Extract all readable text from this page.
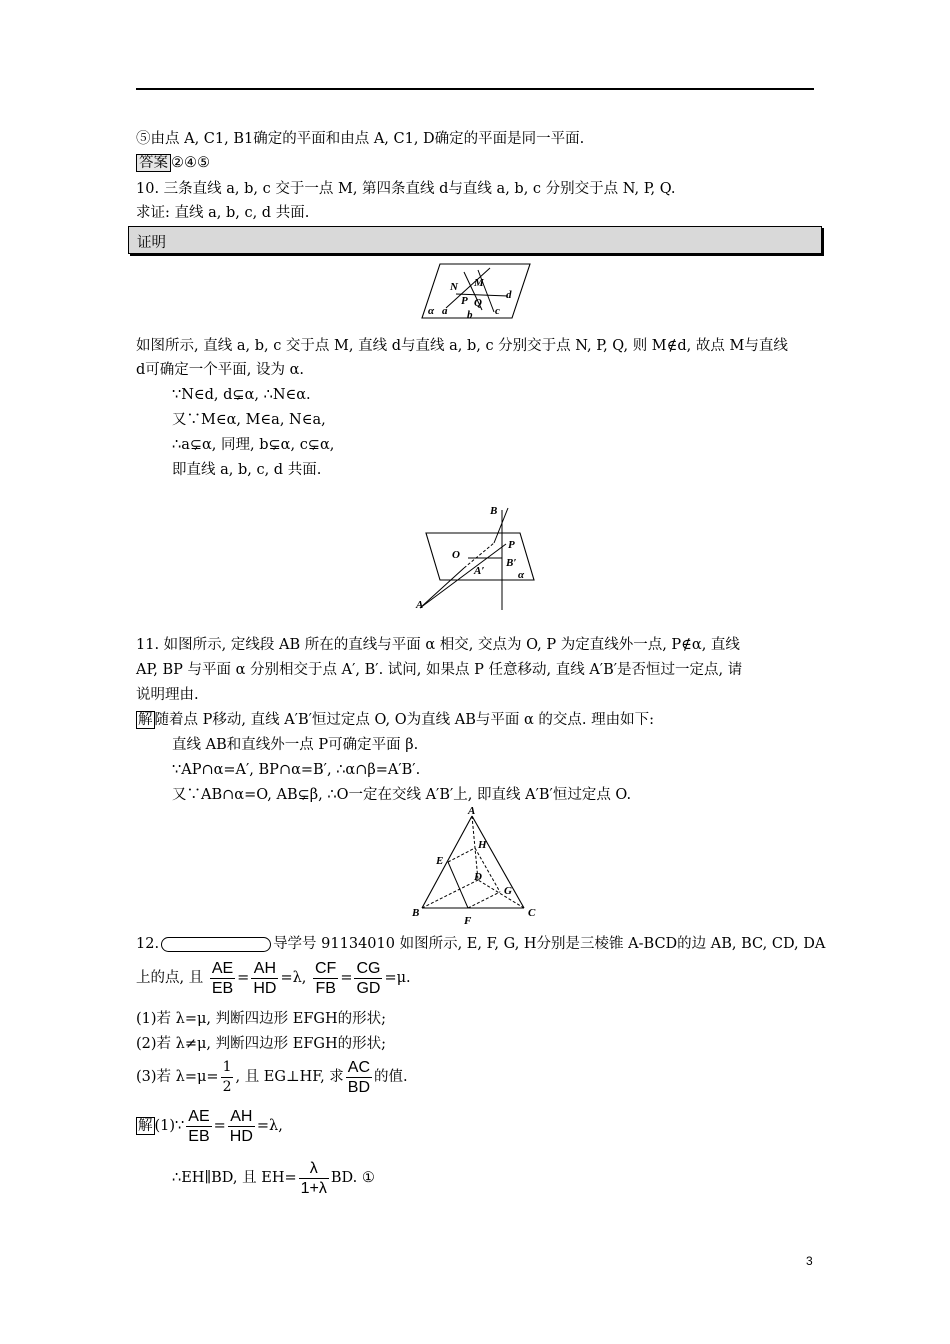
⑤由点 A, C1, B1确定的平面和由点 A, C1, D确定的平面是同一平面.
答案 ②④⑤
10. 三条直线 a, b, c 交于一点 M, 第四条直线 d与直线 a, b, c 分别交于点 N, P, Q.
求证: 直线 a, b, c, d 共面.
证明
N M
P Q
d
α a b c
如图所示, 直线 a, b, c 交于点 M, 直线 d与直线 a, b, c 分别交于点 N, P, Q, 则 M∉d, 故点 M与直线
d可确定一个平面, 设为 α.
∵N∈d, d⊊α, ∴N∈α.
又∵M∈α, M∈a, N∈a,
∴a⊊α, 同理, b⊊α, c⊊α,
即直线 a, b, c, d 共面.
B
O
P
B′
A′	α
A
11. 如图所示, 定线段 AB 所在的直线与平面 α 相交, 交点为 O, P 为定直线外一点, P∉α, 直线
AP, BP 与平面 α 分别相交于点 A′, B′. 试问, 如果点 P 任意移动, 直线 A′B′是否恒过一定点, 请
说明理由.
解 随着点 P移动, 直线 A′B′恒过定点 O, O为直线 AB与平面 α 的交点. 理由如下:
直线 AB和直线外一点 P可确定平面 β.
∵AP∩α=A′, BP∩α=B′, ∴α∩β=A′B′.
又∵AB∩α=O, AB⊊β, ∴O一定在交线 A′B′上, 即直线 A′B′恒过定点 O.
A
H
E
D
G
B
F
C
12.	导学号 91134010 如图所示, E, F, G, H分别是三棱锥 A-BCD的边 AB, BC, CD, DA
上的点, 且 $\frac{AE}{EB} = \frac{AH}{HD} =\lambda$, $\frac{CF}{FB} = \frac{CG}{GD} =\mu$.
(1)若 λ=μ, 判断四边形 EFGH的形状;
(2)若 λ≠μ, 判断四边形 EFGH的形状;
(3)若 $\lambda=\mu= \frac{1}{2}$ , 且 EG⊥HF, 求 $\frac{AC}{BD}$ 的值.
解 (1)∵ $\frac{AE}{EB} = \frac{AH}{HD} =\lambda$,
∴EH∥BD, 且 $EH= \frac{\lambda}{1+\lambda}$ BD. ①
3
